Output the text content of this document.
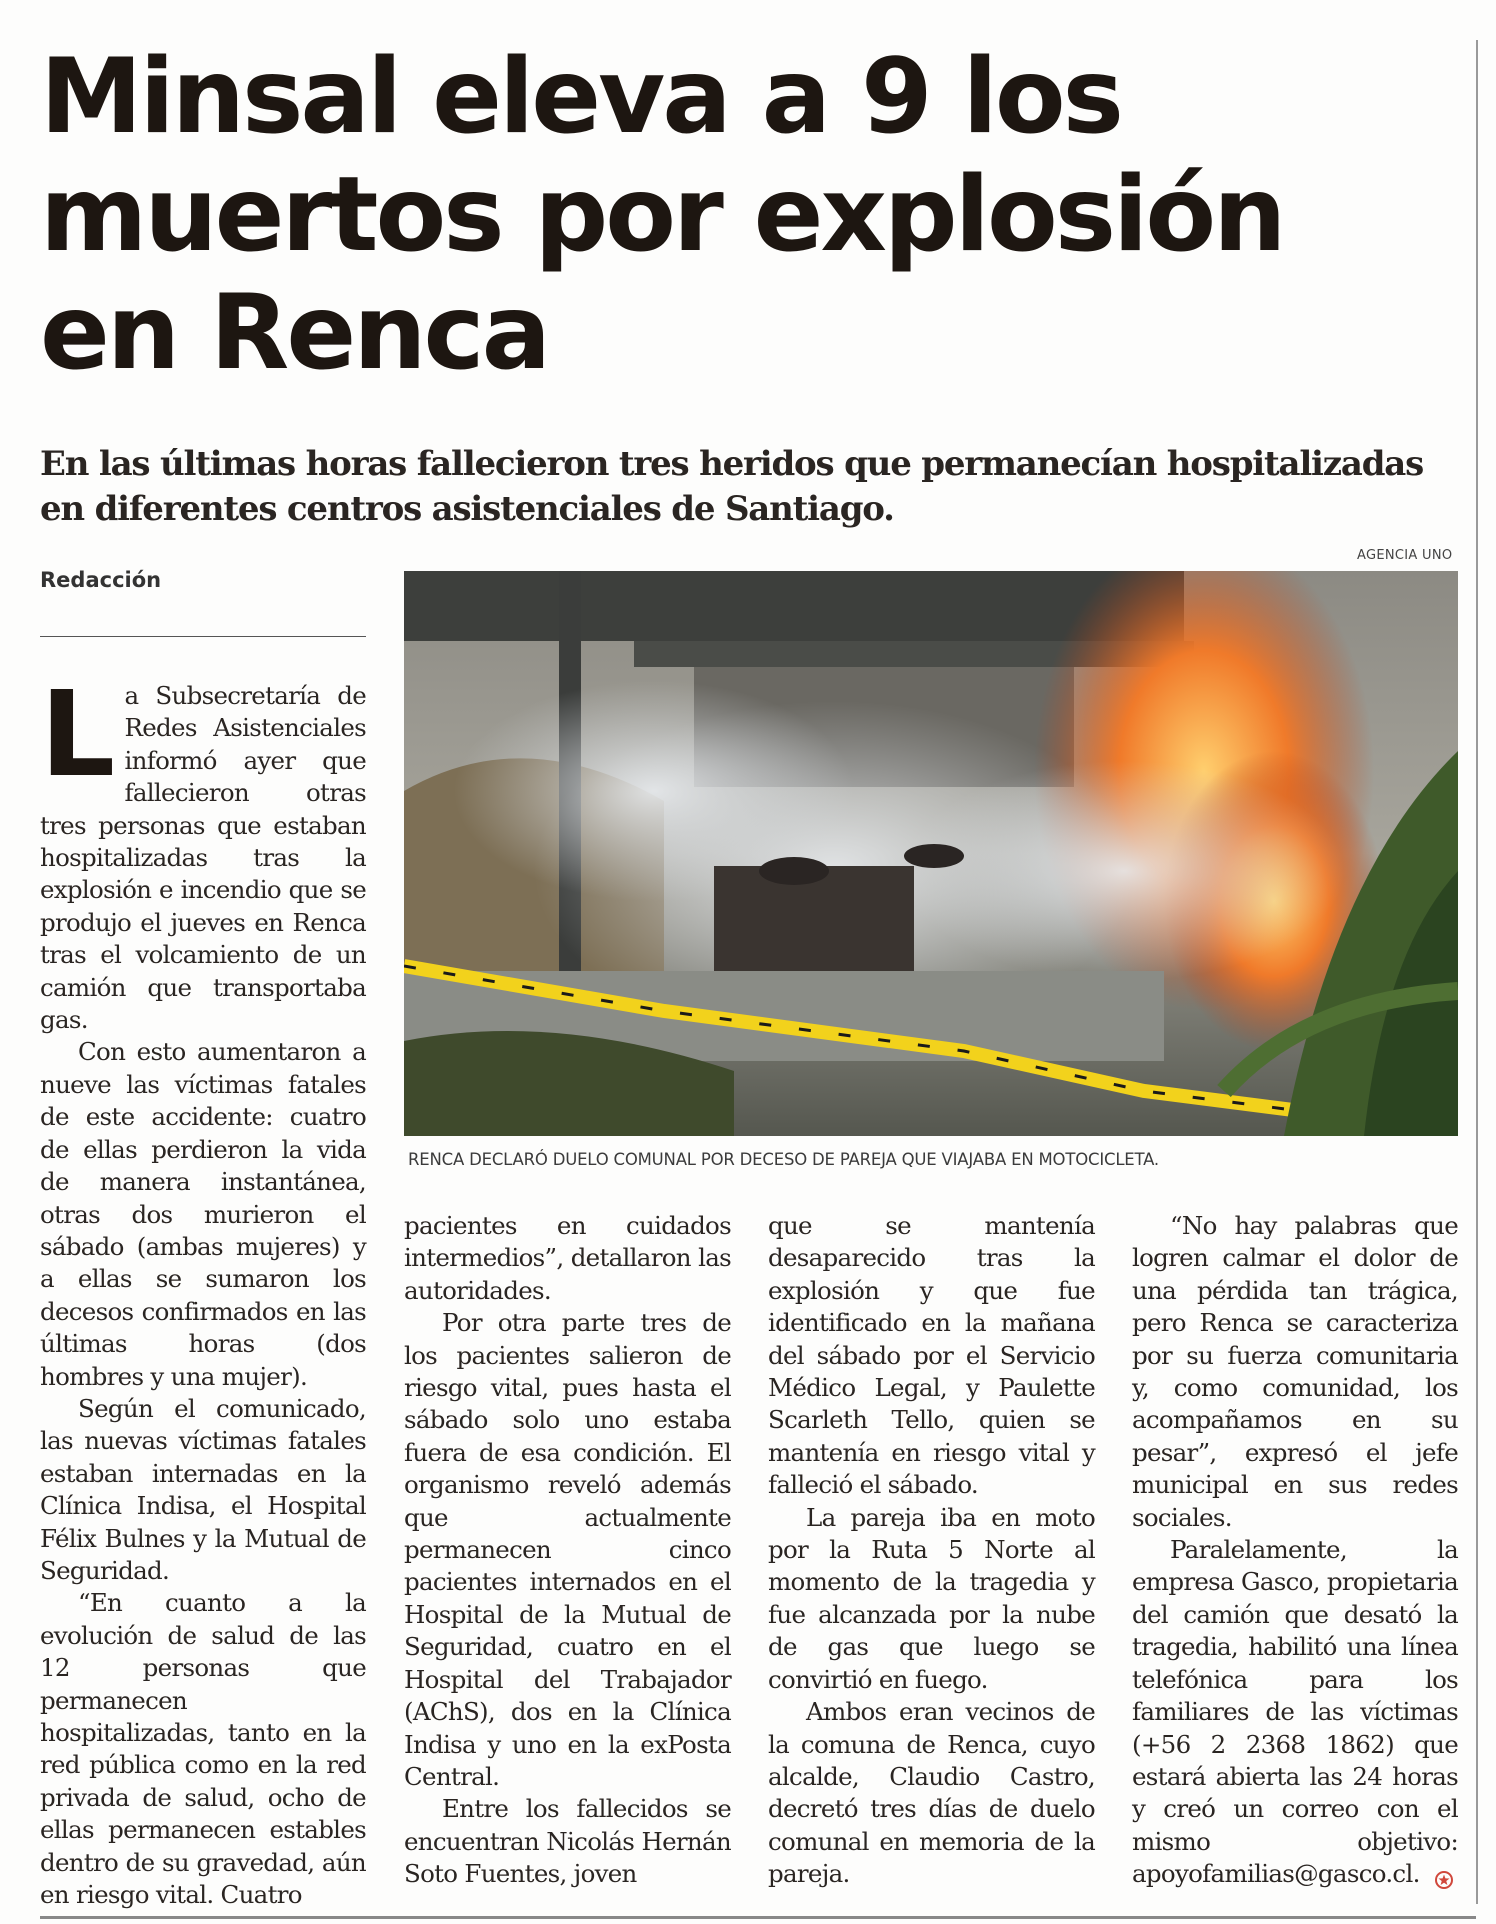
Minsal eleva a 9 los muertos por explosión en Renca

En las últimas horas fallecieron tres heridos que permanecían hospitalizadas en diferentes centros asistenciales de Santiago.

AGENCIA UNO
Redacción
RENCA DECLARÓ DUELO COMUNAL POR DECESO DE PAREJA QUE VIAJABA EN MOTOCICLETA.

La Subsecretaría de Redes Asistenciales informó ayer que fallecieron otras tres personas que estaban hospitalizadas tras la explosión e incendio que se produjo el jueves en Renca tras el volcamiento de un camión que transportaba gas.

Con esto aumentaron a nueve las víctimas fatales de este accidente: cuatro de ellas perdieron la vida de manera instantánea, otras dos murieron el sábado (ambas mujeres) y a ellas se sumaron los decesos confirmados en las últimas horas (dos hombres y una mujer).

Según el comunicado, las nuevas víctimas fatales estaban internadas en la Clínica Indisa, el Hospital Félix Bulnes y la Mutual de Seguridad.

“En cuanto a la evolución de salud de las 12 personas que permanecen hospitalizadas, tanto en la red pública como en la red privada de salud, ocho de ellas permanecen estables dentro de su gravedad, aún en riesgo vital. Cuatro

pacientes en cuidados intermedios”, detallaron las autoridades.

Por otra parte tres de los pacientes salieron de riesgo vital, pues hasta el sábado solo uno estaba fuera de esa condición. El organismo reveló además que actualmente permanecen cinco pacientes internados en el Hospital de la Mutual de Seguridad, cuatro en el Hospital del Trabajador (AChS), dos en la Clínica Indisa y uno en la exPosta Central.

Entre los fallecidos se encuentran Nicolás Hernán Soto Fuentes, joven

que se mantenía desaparecido tras la explosión y que fue identificado en la mañana del sábado por el Servicio Médico Legal, y Paulette Scarleth Tello, quien se mantenía en riesgo vital y falleció el sábado.

La pareja iba en moto por la Ruta 5 Norte al momento de la tragedia y fue alcanzada por la nube de gas que luego se convirtió en fuego.

Ambos eran vecinos de la comuna de Renca, cuyo alcalde, Claudio Castro, decretó tres días de duelo comunal en memoria de la pareja.

“No hay palabras que logren calmar el dolor de una pérdida tan trágica, pero Renca se caracteriza por su fuerza comunitaria y, como comunidad, los acompañamos en su pesar”, expresó el jefe municipal en sus redes sociales.

Paralelamente, la empresa Gasco, propietaria del camión que desató la tragedia, habilitó una línea telefónica para los familiares de las víctimas (+56 2 2368 1862) que estará abierta las 24 horas y creó un correo con el mismo objetivo: apoyofamilias@gasco.cl.
